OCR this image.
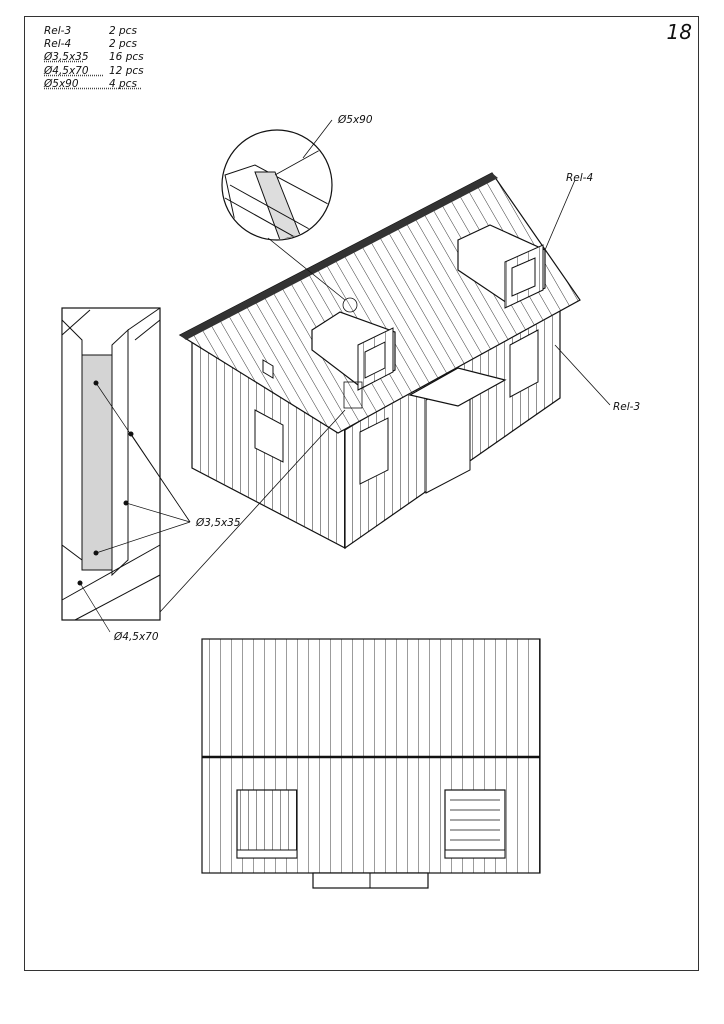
18
Rel-3	2 pcs
Rel-4	2 pcs
Ø3,5x35	16 pcs
Ø4,5x70	12 pcs
Ø5x90	4 pcs
Ø5x90
Rel-4
Rel-3
Ø3,5x35
Ø4,5x70
